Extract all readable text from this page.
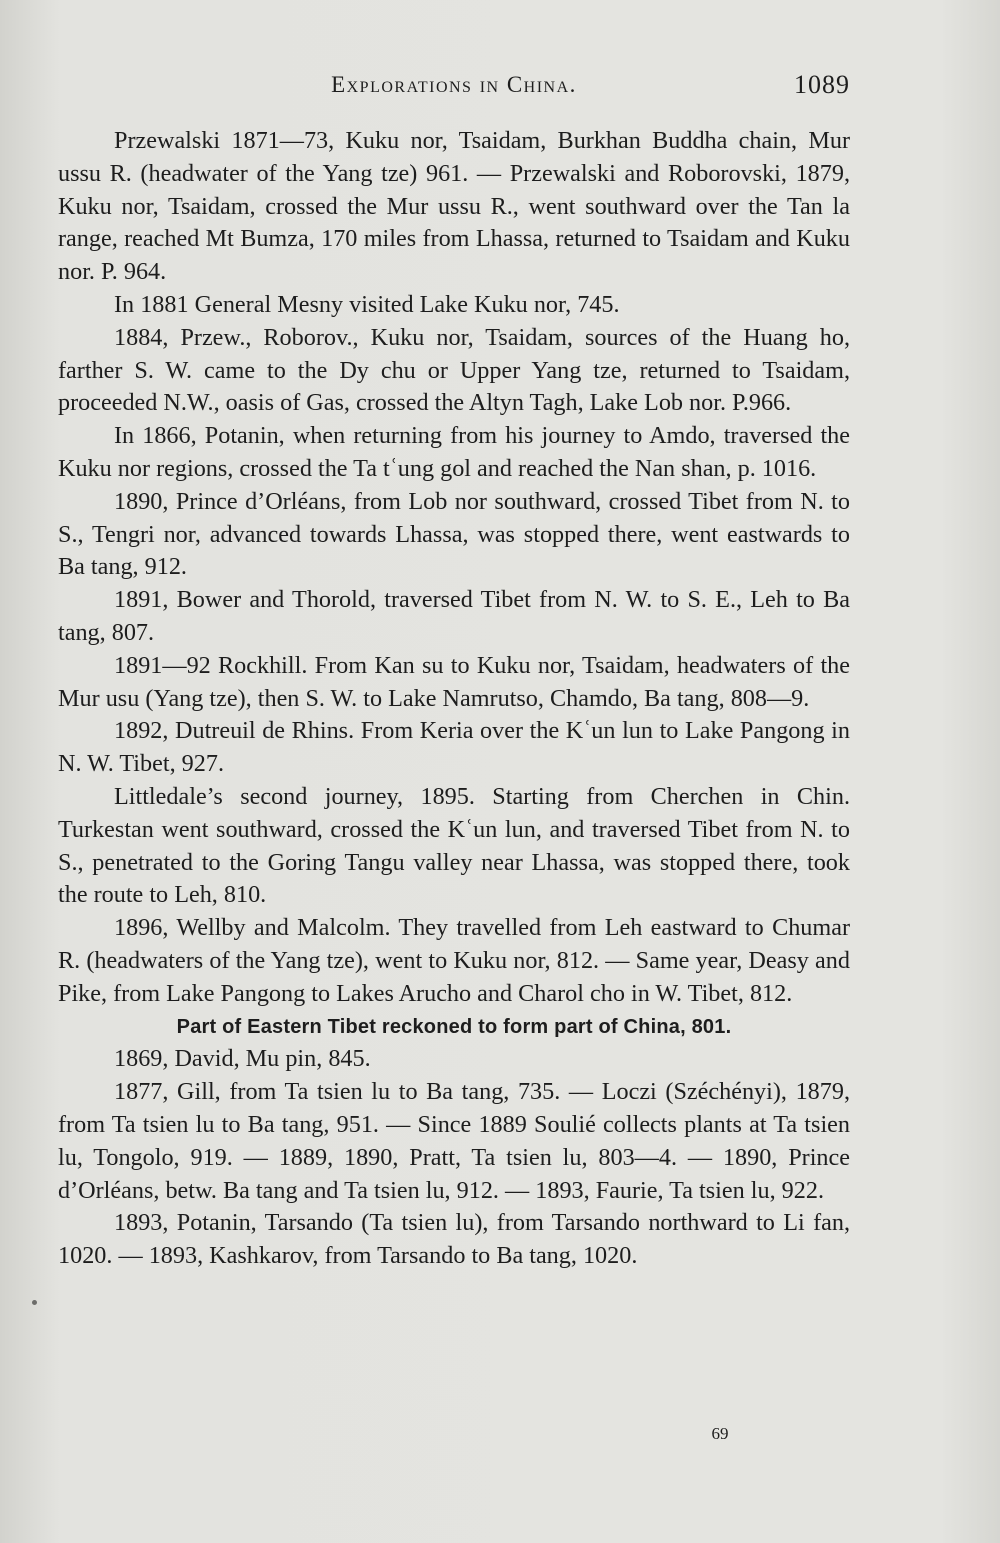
Explorations in China.	1089

Przewalski 1871—73, Kuku nor, Tsaidam, Burkhan Buddha chain, Mur ussu R. (headwater of the Yang tze) 961. — Przewalski and Roborovski, 1879, Kuku nor, Tsaidam, crossed the Mur ussu R., went southward over the Tan la range, reached Mt Bumza, 170 miles from Lhassa, returned to Tsaidam and Kuku nor. P. 964.

In 1881 General Mesny visited Lake Kuku nor, 745.

1884, Przew., Roborov., Kuku nor, Tsaidam, sources of the Huang ho, farther S. W. came to the Dy chu or Upper Yang tze, returned to Tsaidam, proceeded N.W., oasis of Gas, crossed the Altyn Tagh, Lake Lob nor. P.966.

In 1866, Potanin, when returning from his journey to Amdo, traversed the Kuku nor regions, crossed the Ta tʿung gol and reached the Nan shan, p. 1016.

1890, Prince d’Orléans, from Lob nor southward, crossed Tibet from N. to S., Tengri nor, advanced towards Lhassa, was stopped there, went eastwards to Ba tang, 912.

1891, Bower and Thorold, traversed Tibet from N. W. to S. E., Leh to Ba tang, 807.

1891—92 Rockhill. From Kan su to Kuku nor, Tsaidam, headwaters of the Mur usu (Yang tze), then S. W. to Lake Namrutso, Chamdo, Ba tang, 808—9.

1892, Dutreuil de Rhins. From Keria over the Kʿun lun to Lake Pangong in N. W. Tibet, 927.

Littledale’s second journey, 1895. Starting from Cherchen in Chin. Turkestan went southward, crossed the Kʿun lun, and traversed Tibet from N. to S., penetrated to the Goring Tangu valley near Lhassa, was stopped there, took the route to Leh, 810.

1896, Wellby and Malcolm. They travelled from Leh eastward to Chumar R. (headwaters of the Yang tze), went to Kuku nor, 812. — Same year, Deasy and Pike, from Lake Pangong to Lakes Arucho and Charol cho in W. Tibet, 812.

Part of Eastern Tibet reckoned to form part of China, 801.

1869, David, Mu pin, 845.

1877, Gill, from Ta tsien lu to Ba tang, 735. — Loczi (Széchényi), 1879, from Ta tsien lu to Ba tang, 951. — Since 1889 Soulié collects plants at Ta tsien lu, Tongolo, 919. — 1889, 1890, Pratt, Ta tsien lu, 803—4. — 1890, Prince d’Orléans, betw. Ba tang and Ta tsien lu, 912. — 1893, Faurie, Ta tsien lu, 922.

1893, Potanin, Tarsando (Ta tsien lu), from Tarsando northward to Li fan, 1020. — 1893, Kashkarov, from Tarsando to Ba tang, 1020.

69
